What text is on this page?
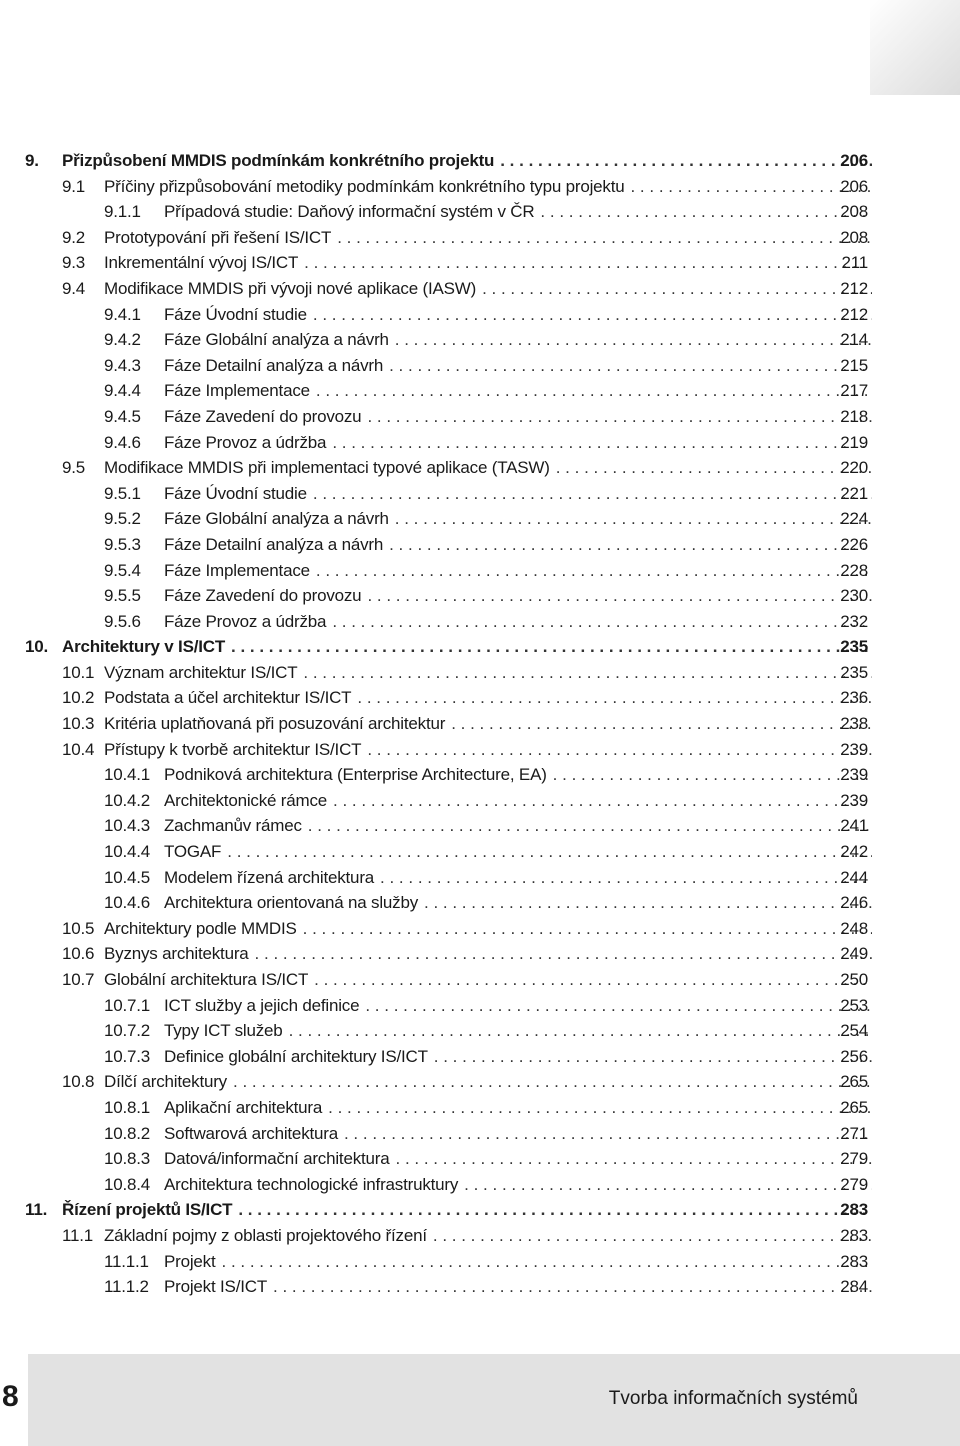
9. Přizpůsobení MMDIS podmínkám konkrétního projektu . . .	206
9.1 Příčiny přizpůsobování metodiky podmínkám konkrétního typu projektu . . .	206
9.1.1 Případová studie: Daňový informační systém v ČR . . .	208
9.2 Prototypování při řešení IS/ICT . . .	208
9.3 Inkrementální vývoj IS/ICT . . .	211
9.4 Modifikace MMDIS při vývoji nové aplikace (IASW) . . .	212
9.4.1 Fáze Úvodní studie . . .	212
9.4.2 Fáze Globální analýza a návrh . . .	214
9.4.3 Fáze Detailní analýza a návrh . . .	215
9.4.4 Fáze Implementace . . .	217
9.4.5 Fáze Zavedení do provozu . . .	218
9.4.6 Fáze Provoz a údržba . . .	219
9.5 Modifikace MMDIS při implementaci typové aplikace (TASW) . . .	220
9.5.1 Fáze Úvodní studie . . .	221
9.5.2 Fáze Globální analýza a návrh . . .	224
9.5.3 Fáze Detailní analýza a návrh . . .	226
9.5.4 Fáze Implementace . . .	228
9.5.5 Fáze Zavedení do provozu . . .	230
9.5.6 Fáze Provoz a údržba . . .	232
10. Architektury v IS/ICT . . .	235
10.1 Význam architektur IS/ICT . . .	235
10.2 Podstata a účel architektur IS/ICT . . .	236
10.3 Kritéria uplatňovaná při posuzování architektur . . .	238
10.4 Přístupy k tvorbě architektur IS/ICT . . .	239
10.4.1 Podniková architektura (Enterprise Architecture, EA) . . .	239
10.4.2 Architektonické rámce . . .	239
10.4.3 Zachmanův rámec . . .	241
10.4.4 TOGAF . . .	242
10.4.5 Modelem řízená architektura . . .	244
10.4.6 Architektura orientovaná na služby . . .	246
10.5 Architektury podle MMDIS . . .	248
10.6 Byznys architektura . . .	249
10.7 Globální architektura IS/ICT . . .	250
10.7.1 ICT služby a jejich definice . . .	253
10.7.2 Typy ICT služeb . . .	254
10.7.3 Definice globální architektury IS/ICT . . .	256
10.8 Dílčí architektury . . .	265
10.8.1 Aplikační architektura . . .	265
10.8.2 Softwarová architektura . . .	271
10.8.3 Datová/informační architektura . . .	279
10.8.4 Architektura technologické infrastruktury . . .	279
11. Řízení projektů IS/ICT . . .	283
11.1 Základní pojmy z oblasti projektového řízení . . .	283
11.1.1 Projekt . . .	283
11.1.2 Projekt IS/ICT . . .	284
8	Tvorba informačních systémů
